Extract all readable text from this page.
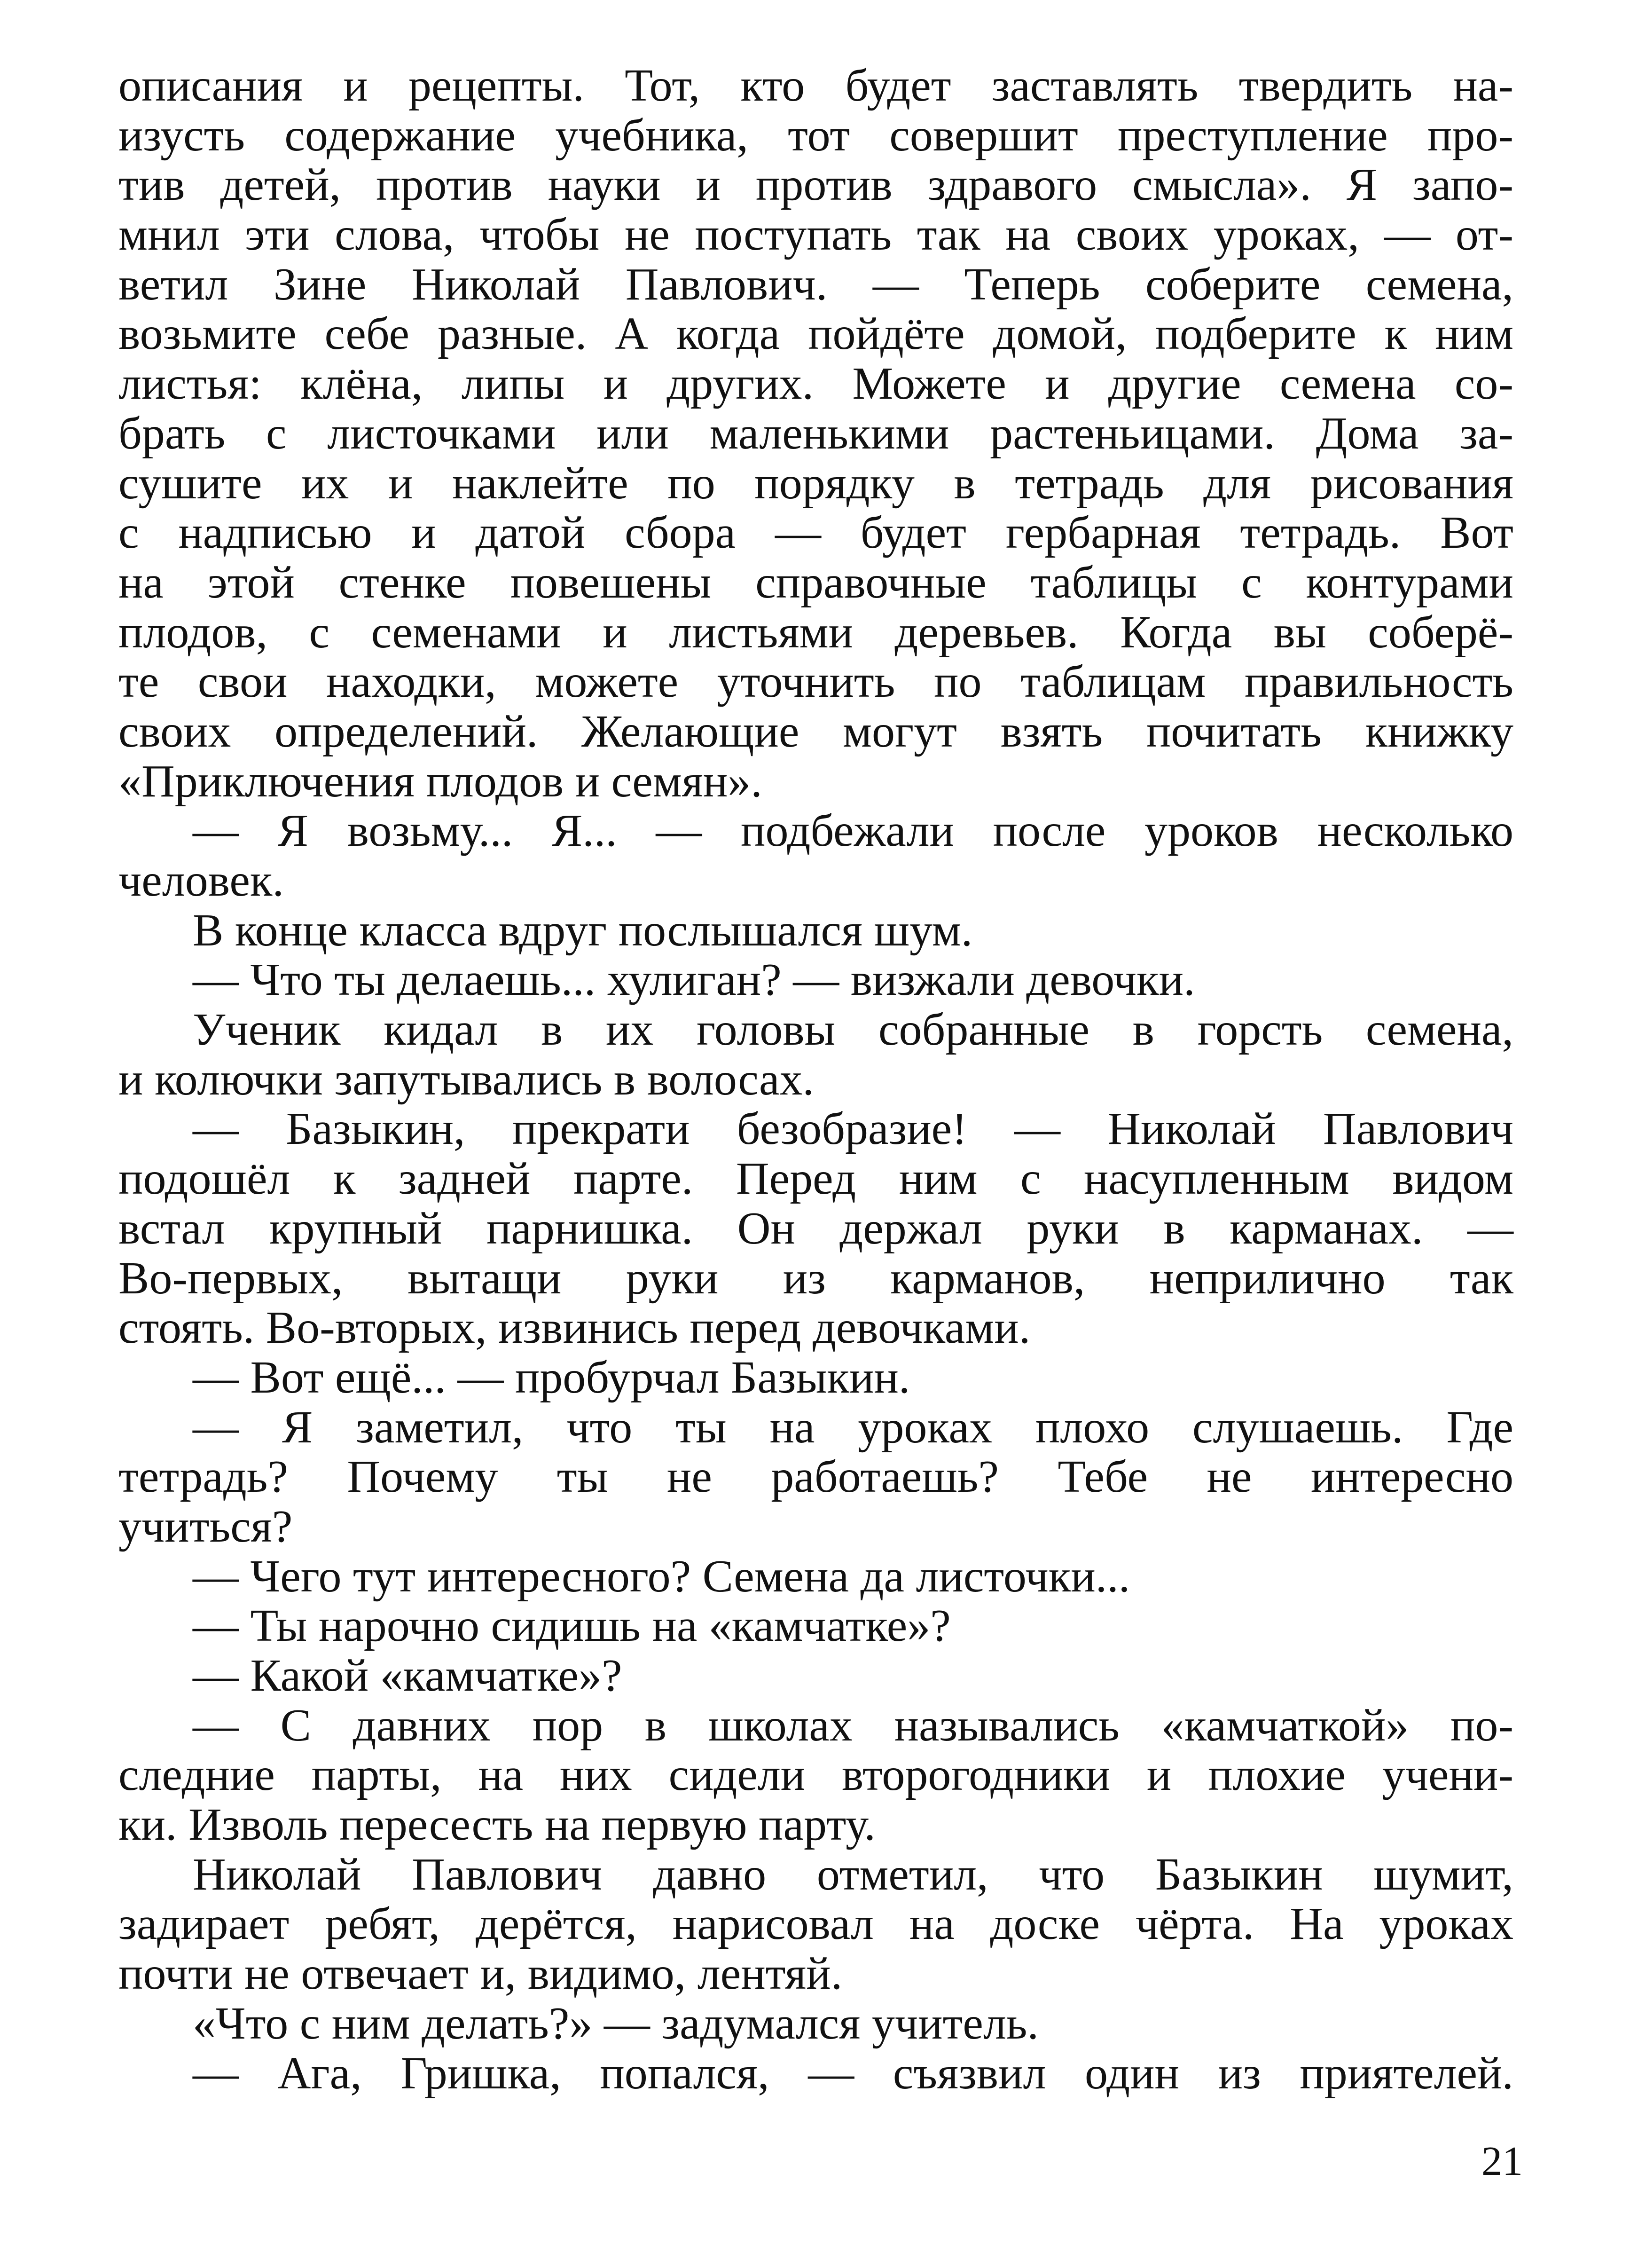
описания и рецепты. Тот, кто будет заставлять твердить на-
изусть содержание учебника, тот совершит преступление про-
тив детей, против науки и против здравого смысла». Я запо-
мнил эти слова, чтобы не поступать так на своих уроках, — от-
ветил Зине Николай Павлович. — Теперь соберите семена,
возьмите себе разные. А когда пойдёте домой, подберите к ним
листья: клёна, липы и других. Можете и другие семена со-
брать с листочками или маленькими растеньицами. Дома за-
сушите их и наклейте по порядку в тетрадь для рисования
с надписью и датой сбора — будет гербарная тетрадь. Вот
на этой стенке повешены справочные таблицы с контурами
плодов, с семенами и листьями деревьев. Когда вы соберё-
те свои находки, можете уточнить по таблицам правильность
своих определений. Желающие могут взять почитать книжку
«Приключения плодов и семян».
— Я возьму... Я... — подбежали после уроков несколько
человек.
В конце класса вдруг послышался шум.
— Что ты делаешь... хулиган? — визжали девочки.
Ученик кидал в их головы собранные в горсть семена,
и колючки запутывались в волосах.
— Базыкин, прекрати безобразие! — Николай Павлович
подошёл к задней парте. Перед ним с насупленным видом
встал крупный парнишка. Он держал руки в карманах. —
Во-первых, вытащи руки из карманов, неприлично так
стоять. Во-вторых, извинись перед девочками.
— Вот ещё... — пробурчал Базыкин.
— Я заметил, что ты на уроках плохо слушаешь. Где
тетрадь? Почему ты не работаешь? Тебе не интересно
учиться?
— Чего тут интересного? Семена да листочки...
— Ты нарочно сидишь на «камчатке»?
— Какой «камчатке»?
— С давних пор в школах назывались «камчаткой» по-
следние парты, на них сидели второгодники и плохие учени-
ки. Изволь пересесть на первую парту.
Николай Павлович давно отметил, что Базыкин шумит,
задирает ребят, дерётся, нарисовал на доске чёрта. На уроках
почти не отвечает и, видимо, лентяй.
«Что с ним делать?» — задумался учитель.
— Ага, Гришка, попался, — съязвил один из приятелей.
21
